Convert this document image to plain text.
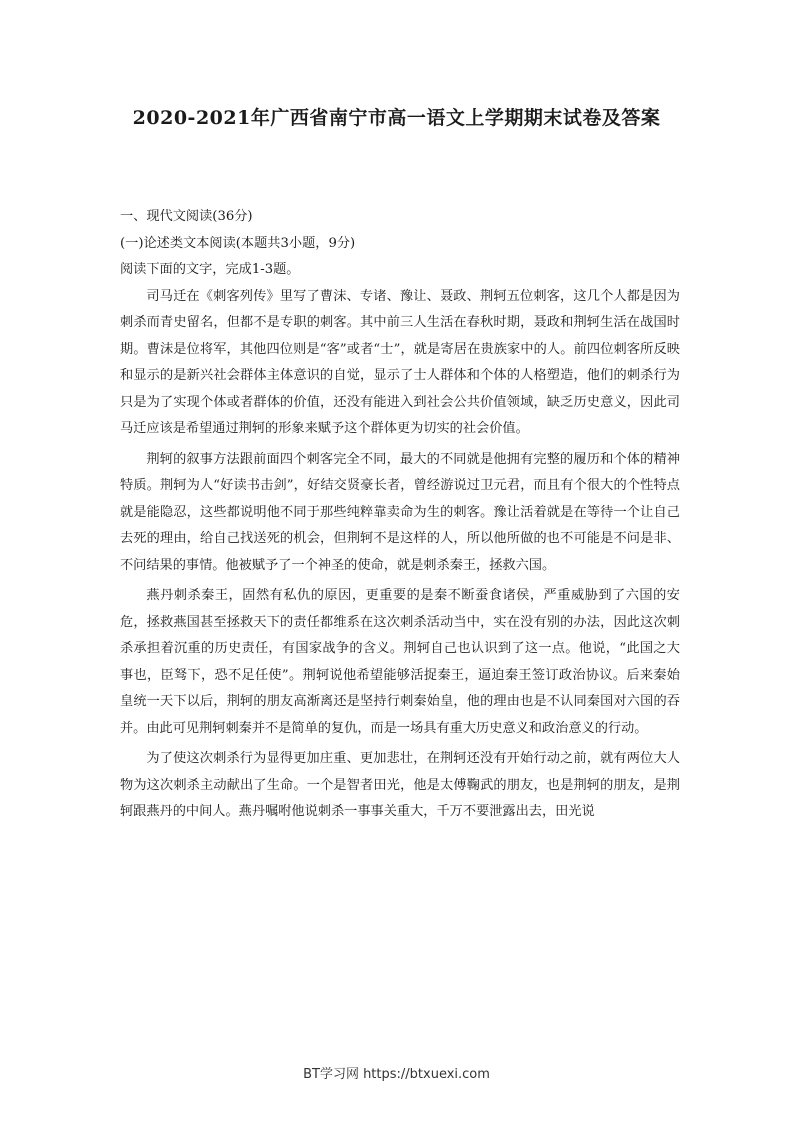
2020-2021年广西省南宁市高一语文上学期期末试卷及答案
一、现代文阅读(36分)
(一)论述类文本阅读(本题共3小题，9分)
阅读下面的文字，完成1-3题。

司马迁在《刺客列传》里写了曹沫、专诸、豫让、聂政、荆轲五位刺客，这几个人都是因为刺杀而青史留名，但都不是专职的刺客。其中前三人生活在春秋时期，聂政和荆轲生活在战国时期。曹沫是位将军，其他四位则是“客”或者“士”，就是寄居在贵族家中的人。前四位刺客所反映和显示的是新兴社会群体主体意识的自觉，显示了士人群体和个体的人格塑造，他们的刺杀行为只是为了实现个体或者群体的价值，还没有能进入到社会公共价值领域，缺乏历史意义，因此司马迁应该是希望通过荆轲的形象来赋予这个群体更为切实的社会价值。

荆轲的叙事方法跟前面四个刺客完全不同，最大的不同就是他拥有完整的履历和个体的精神特质。荆轲为人“好读书击剑”，好结交贤豪长者，曾经游说过卫元君，而且有个很大的个性特点就是能隐忍，这些都说明他不同于那些纯粹靠卖命为生的刺客。豫让活着就是在等待一个让自己去死的理由，给自己找送死的机会，但荆轲不是这样的人，所以他所做的也不可能是不问是非、不问结果的事情。他被赋予了一个神圣的使命，就是刺杀秦王，拯救六国。

燕丹刺杀秦王，固然有私仇的原因，更重要的是秦不断蚕食诸侯，严重威胁到了六国的安危，拯救燕国甚至拯救天下的责任都维系在这次刺杀活动当中，实在没有别的办法，因此这次刺杀承担着沉重的历史责任，有国家战争的含义。荆轲自己也认识到了这一点。他说，“此国之大事也，臣驽下，恐不足任使”。荆轲说他希望能够活捉秦王，逼迫秦王签订政治协议。后来秦始皇统一天下以后，荆轲的朋友高渐离还是坚持行刺秦始皇，他的理由也是不认同秦国对六国的吞并。由此可见荆轲刺秦并不是简单的复仇，而是一场具有重大历史意义和政治意义的行动。

为了使这次刺杀行为显得更加庄重、更加悲壮，在荆轲还没有开始行动之前，就有两位大人物为这次刺杀主动献出了生命。一个是智者田光，他是太傅鞠武的朋友，也是荆轲的朋友，是荆轲跟燕丹的中间人。燕丹嘱咐他说刺杀一事事关重大，千万不要泄露出去，田光说

BT学习网 https://btxuexi.com
